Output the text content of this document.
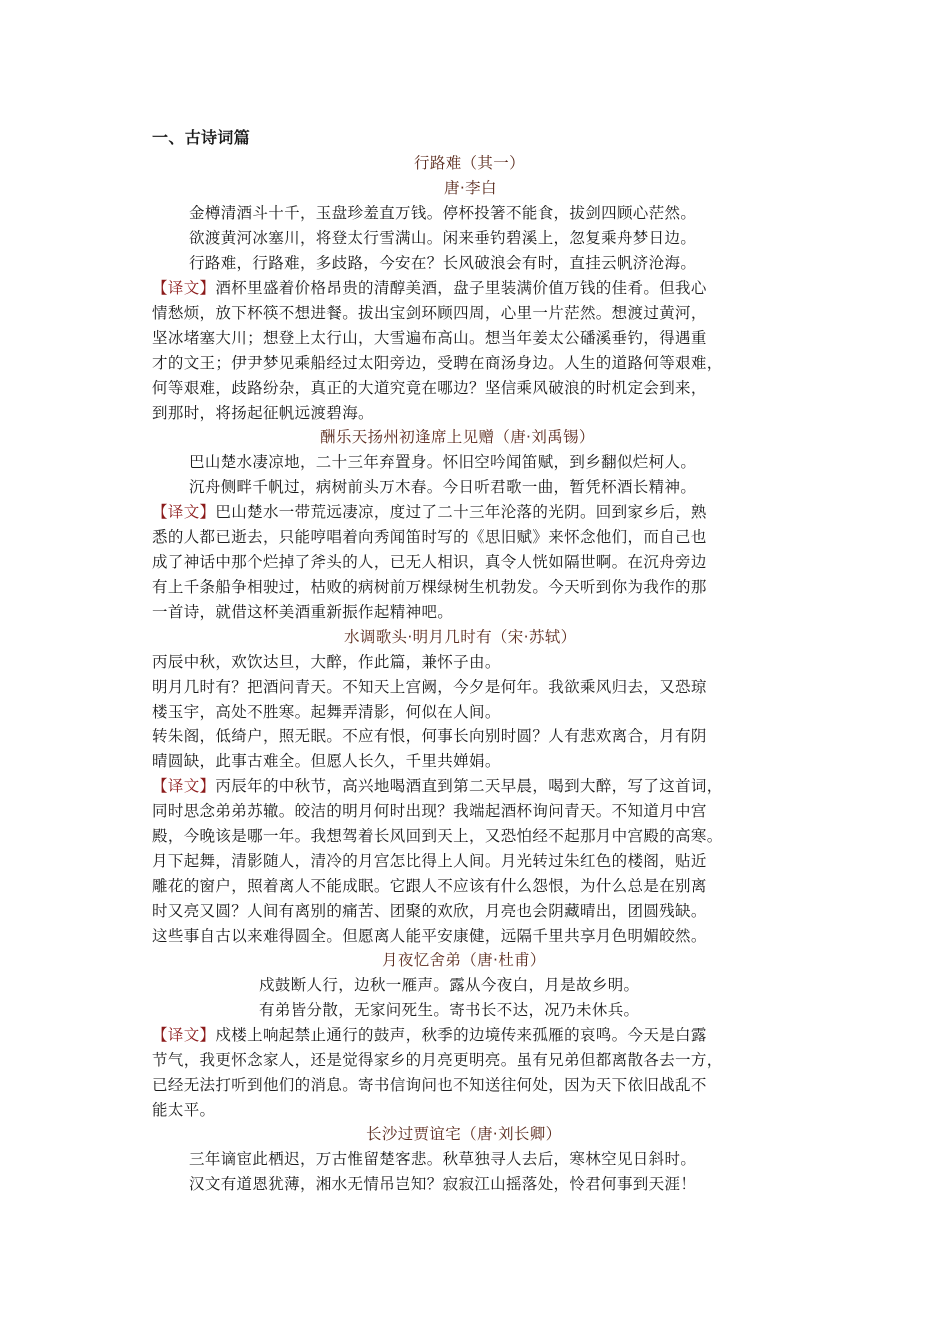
一、古诗词篇
行路难（其一）
唐·李白
金樽清酒斗十千，玉盘珍羞直万钱。停杯投箸不能食，拔剑四顾心茫然。
欲渡黄河冰塞川，将登太行雪满山。闲来垂钓碧溪上，忽复乘舟梦日边。
行路难，行路难，多歧路，今安在？长风破浪会有时，直挂云帆济沧海。
【译文】酒杯里盛着价格昂贵的清醇美酒，盘子里装满价值万钱的佳肴。但我心
情愁烦，放下杯筷不想进餐。拔出宝剑环顾四周，心里一片茫然。想渡过黄河，
坚冰堵塞大川；想登上太行山，大雪遍布高山。想当年姜太公磻溪垂钓，得遇重
才的文王；伊尹梦见乘船经过太阳旁边，受聘在商汤身边。人生的道路何等艰难，
何等艰难，歧路纷杂，真正的大道究竟在哪边？坚信乘风破浪的时机定会到来，
到那时，将扬起征帆远渡碧海。
酬乐天扬州初逢席上见赠（唐·刘禹锡）
巴山楚水凄凉地，二十三年弃置身。怀旧空吟闻笛赋，到乡翻似烂柯人。
沉舟侧畔千帆过，病树前头万木春。今日听君歌一曲，暂凭杯酒长精神。
【译文】巴山楚水一带荒远凄凉，度过了二十三年沦落的光阴。回到家乡后，熟
悉的人都已逝去，只能哼唱着向秀闻笛时写的《思旧赋》来怀念他们，而自己也
成了神话中那个烂掉了斧头的人，已无人相识，真令人恍如隔世啊。在沉舟旁边
有上千条船争相驶过，枯败的病树前万棵绿树生机勃发。今天听到你为我作的那
一首诗，就借这杯美酒重新振作起精神吧。
水调歌头·明月几时有（宋·苏轼）
丙辰中秋，欢饮达旦，大醉，作此篇，兼怀子由。
明月几时有？把酒问青天。不知天上宫阙，今夕是何年。我欲乘风归去，又恐琼
楼玉宇，高处不胜寒。起舞弄清影，何似在人间。
转朱阁，低绮户，照无眠。不应有恨，何事长向别时圆？人有悲欢离合，月有阴
晴圆缺，此事古难全。但愿人长久，千里共婵娟。
【译文】丙辰年的中秋节，高兴地喝酒直到第二天早晨，喝到大醉，写了这首词，
同时思念弟弟苏辙。皎洁的明月何时出现？我端起酒杯询问青天。不知道月中宫
殿，今晚该是哪一年。我想驾着长风回到天上，又恐怕经不起那月中宫殿的高寒。
月下起舞，清影随人，清冷的月宫怎比得上人间。月光转过朱红色的楼阁，贴近
雕花的窗户，照着离人不能成眠。它跟人不应该有什么怨恨，为什么总是在别离
时又亮又圆？人间有离别的痛苦、团聚的欢欣，月亮也会阴藏晴出，团圆残缺。
这些事自古以来难得圆全。但愿离人能平安康健，远隔千里共享月色明媚皎然。
月夜忆舍弟（唐·杜甫）
戍鼓断人行，边秋一雁声。露从今夜白，月是故乡明。
有弟皆分散，无家问死生。寄书长不达，况乃未休兵。
【译文】戍楼上响起禁止通行的鼓声，秋季的边境传来孤雁的哀鸣。今天是白露
节气，我更怀念家人，还是觉得家乡的月亮更明亮。虽有兄弟但都离散各去一方，
已经无法打听到他们的消息。寄书信询问也不知送往何处，因为天下依旧战乱不
能太平。
长沙过贾谊宅（唐·刘长卿）
三年谪宦此栖迟，万古惟留楚客悲。秋草独寻人去后，寒林空见日斜时。
汉文有道恩犹薄，湘水无情吊岂知？寂寂江山摇落处，怜君何事到天涯！
